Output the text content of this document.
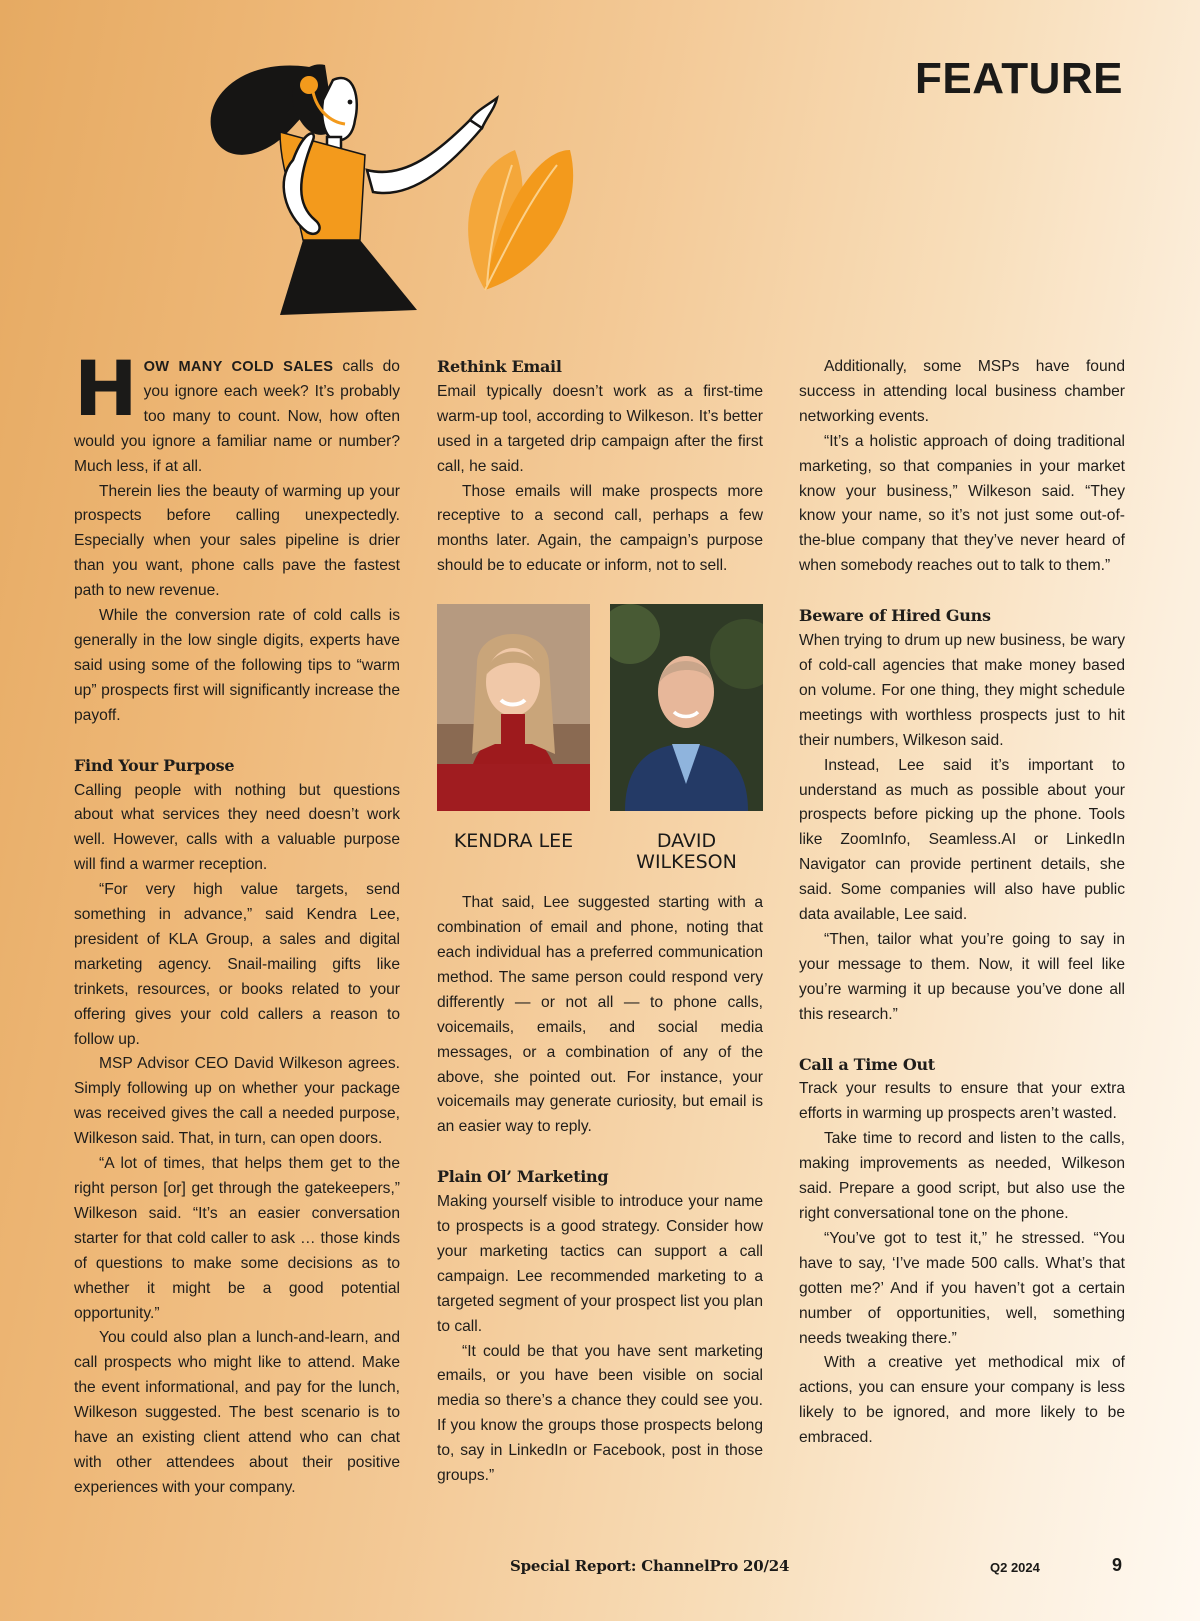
FEATURE

HOW MANY COLD SALES calls do you ignore each week? It’s probably too many to count. Now, how often would you ignore a familiar name or number? Much less, if at all.

Therein lies the beauty of warming up your prospects before calling unexpectedly. Especially when your sales pipeline is drier than you want, phone calls pave the fastest path to new revenue.

While the conversion rate of cold calls is generally in the low single digits, experts have said using some of the following tips to “warm up” prospects first will significantly increase the payoff.

Find Your Purpose

Calling people with nothing but questions about what services they need doesn’t work well. However, calls with a valuable purpose will find a warmer reception.

“For very high value targets, send something in advance,” said Kendra Lee, president of KLA Group, a sales and digital marketing agency. Snail-mailing gifts like trinkets, resources, or books related to your offering gives your cold callers a reason to follow up.

MSP Advisor CEO David Wilkeson agrees. Simply following up on whether your package was received gives the call a needed purpose, Wilkeson said. That, in turn, can open doors.

“A lot of times, that helps them get to the right person [or] get through the gatekeepers,” Wilkeson said. “It’s an easier conversation starter for that cold caller to ask … those kinds of questions to make some decisions as to whether it might be a good potential opportunity.”

You could also plan a lunch-and-learn, and call prospects who might like to attend. Make the event informational, and pay for the lunch, Wilkeson suggested. The best scenario is to have an existing client attend who can chat with other attendees about their positive experiences with your company.

Rethink Email

Email typically doesn’t work as a first-time warm-up tool, according to Wilkeson. It’s better used in a targeted drip campaign after the first call, he said.

Those emails will make prospects more receptive to a second call, perhaps a few months later. Again, the campaign’s purpose should be to educate or inform, not to sell.

KENDRA LEE	DAVID WILKESON

That said, Lee suggested starting with a combination of email and phone, noting that each individual has a preferred communication method. The same person could respond very differently — or not all — to phone calls, voicemails, emails, and social media messages, or a combination of any of the above, she pointed out. For instance, your voicemails may generate curiosity, but email is an easier way to reply.

Plain Ol’ Marketing

Making yourself visible to introduce your name to prospects is a good strategy. Consider how your marketing tactics can support a call campaign. Lee recommended marketing to a targeted segment of your prospect list you plan to call.

“It could be that you have sent marketing emails, or you have been visible on social media so there’s a chance they could see you. If you know the groups those prospects belong to, say in LinkedIn or Facebook, post in those groups.”

Additionally, some MSPs have found success in attending local business chamber networking events.

“It’s a holistic approach of doing traditional marketing, so that companies in your market know your business,” Wilkeson said. “They know your name, so it’s not just some out-of-the-blue company that they’ve never heard of when somebody reaches out to talk to them.”

Beware of Hired Guns

When trying to drum up new business, be wary of cold-call agencies that make money based on volume. For one thing, they might schedule meetings with worthless prospects just to hit their numbers, Wilkeson said.

Instead, Lee said it’s important to understand as much as possible about your prospects before picking up the phone. Tools like ZoomInfo, Seamless.AI or LinkedIn Navigator can provide pertinent details, she said. Some companies will also have public data available, Lee said.

“Then, tailor what you’re going to say in your message to them. Now, it will feel like you’re warming it up because you’ve done all this research.”

Call a Time Out

Track your results to ensure that your extra efforts in warming up prospects aren’t wasted.

Take time to record and listen to the calls, making improvements as needed, Wilkeson said. Prepare a good script, but also use the right conversational tone on the phone.

“You’ve got to test it,” he stressed. “You have to say, ‘I’ve made 500 calls. What’s that gotten me?’ And if you haven’t got a certain number of opportunities, well, something needs tweaking there.”

With a creative yet methodical mix of actions, you can ensure your company is less likely to be ignored, and more likely to be embraced.

Special Report: ChannelPro 20/24	Q2 2024	9
